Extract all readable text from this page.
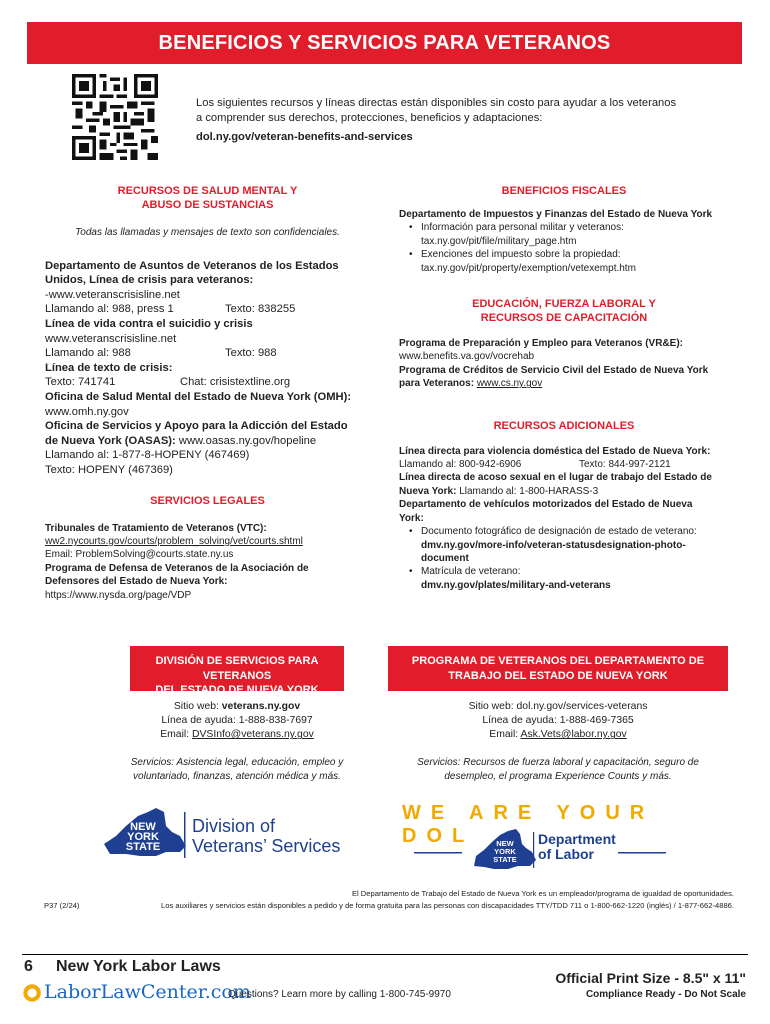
BENEFICIOS Y SERVICIOS PARA VETERANOS
Los siguientes recursos y líneas directas están disponibles sin costo para ayudar a los veteranos
a comprender sus derechos, protecciones, beneficios y adaptaciones:
dol.ny.gov/veteran-benefits-and-services
RECURSOS DE SALUD MENTAL Y
ABUSO DE SUSTANCIAS
Todas las llamadas y mensajes de texto son confidenciales.
Departamento de Asuntos de Veteranos de los Estados
Unidos, Línea de crisis para veteranos:
-www.veteranscrisisline.net
Llamando al: 988, press 1	Texto: 838255
Línea de vida contra el suicidio y crisis
www.veteranscrisisline.net
Llamando al: 988	Texto: 988
Línea de texto de crisis:
Texto: 741741	Chat: crisistextline.org
Oficina de Salud Mental del Estado de Nueva York (OMH):
www.omh.ny.gov
Oficina de Servicios y Apoyo para la Adicción del Estado
de Nueva York (OASAS): www.oasas.ny.gov/hopeline
Llamando al: 1-877-8-HOPENY (467469)
Texto: HOPENY (467369)
SERVICIOS LEGALES
Tribunales de Tratamiento de Veteranos (VTC):
ww2.nycourts.gov/courts/problem_solving/vet/courts.shtml
Email: ProblemSolving@courts.state.ny.us
Programa de Defensa de Veteranos de la Asociación de
Defensores del Estado de Nueva York:
https://www.nysda.org/page/VDP
BENEFICIOS FISCALES
Departamento de Impuestos y Finanzas del Estado de Nueva York
• Información para personal militar y veteranos:
tax.ny.gov/pit/file/military_page.htm
• Exenciones del impuesto sobre la propiedad:
tax.ny.gov/pit/property/exemption/vetexempt.htm
EDUCACIÓN, FUERZA LABORAL Y
RECURSOS DE CAPACITACIÓN
Programa de Preparación y Empleo para Veteranos (VR&E):
www.benefits.va.gov/vocrehab
Programa de Créditos de Servicio Civil del Estado de Nueva York
para Veteranos: www.cs.ny.gov
RECURSOS ADICIONALES
Línea directa para violencia doméstica del Estado de Nueva York:
Llamando al: 800-942-6906	Texto: 844-997-2121
Línea directa de acoso sexual en el lugar de trabajo del Estado de
Nueva York: Llamando al: 1-800-HARASS-3
Departamento de vehículos motorizados del Estado de Nueva
York:
• Documento fotográfico de designación de estado de veterano:
dmv.ny.gov/more-info/veteran-statusdesignation-photo-
document
• Matrícula de veterano:
dmv.ny.gov/plates/military-and-veterans
DIVISIÓN DE SERVICIOS PARA VETERANOS
DEL ESTADO DE NUEVA YORK
PROGRAMA DE VETERANOS DEL DEPARTAMENTO DE
TRABAJO DEL ESTADO DE NUEVA YORK
Sitio web: veterans.ny.gov
Línea de ayuda: 1-888-838-7697
Email: DVSInfo@veterans.ny.gov
Sitio web: dol.ny.gov/services-veterans
Línea de ayuda: 1-888-469-7365
Email: Ask.Vets@labor.ny.gov
Servicios: Asistencia legal, educación, empleo y
voluntariado, finanzas, atención médica y más.
Servicios: Recursos de fuerza laboral y capacitación, seguro de
desempleo, el programa Experience Counts y más.
NEW
YORK
STATE
Division of
Veterans’ Services
WE ARE YOUR DOL	NEW
YORK
STATE
Department
of Labor
P37 (2/24)
El Departamento de Trabajo del Estado de Nueva York es un empleador/programa de igualdad de oportunidades.
Los auxiliares y servicios están disponibles a pedido y de forma gratuita para las personas con discapacidades TTY/TDD 711 o 1-800-662-1220 (inglés) / 1-877-662-4886.
6 New York Labor Laws
LaborLawCenter.com
Questions? Learn more by calling 1-800-745-9970
Official Print Size - 8.5" x 11"
Compliance Ready - Do Not Scale
